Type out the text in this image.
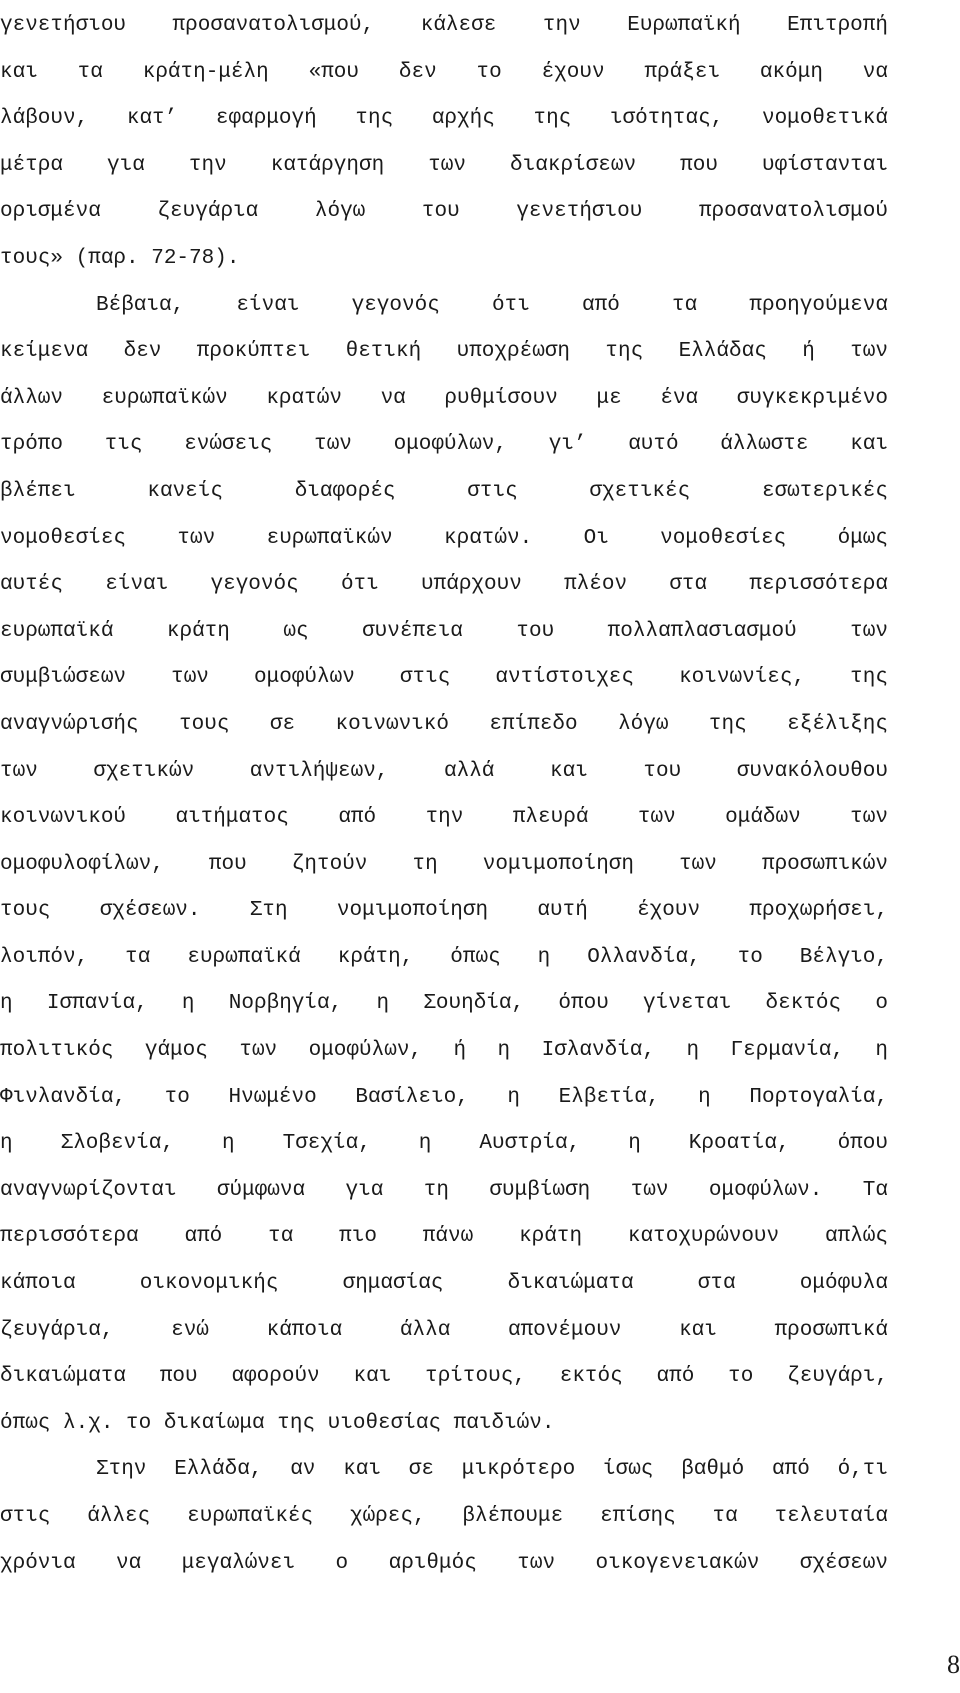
γενετήσιου προσανατολισμού, κάλεσε την Ευρωπαϊκή Επιτροπή
και τα κράτη-μέλη «που δεν το έχουν πράξει ακόμη να
λάβουν, κατ’ εφαρμογή της αρχής της ισότητας, νομοθετικά
μέτρα για την κατάργηση των διακρίσεων που υφίστανται
ορισμένα ζευγάρια λόγω του γενετήσιου προσανατολισμού
τους» (παρ. 72-78).
Βέβαια, είναι γεγονός ότι από τα προηγούμενα
κείμενα δεν προκύπτει θετική υποχρέωση της Ελλάδας ή των
άλλων ευρωπαϊκών κρατών να ρυθμίσουν με ένα συγκεκριμένο
τρόπο τις ενώσεις των ομοφύλων, γι’ αυτό άλλωστε και
βλέπει κανείς διαφορές στις σχετικές εσωτερικές
νομοθεσίες των ευρωπαϊκών κρατών. Οι νομοθεσίες όμως
αυτές είναι γεγονός ότι υπάρχουν πλέον στα περισσότερα
ευρωπαϊκά κράτη ως συνέπεια του πολλαπλασιασμού των
συμβιώσεων των ομοφύλων στις αντίστοιχες κοινωνίες, της
αναγνώρισής τους σε κοινωνικό επίπεδο λόγω της εξέλιξης
των σχετικών αντιλήψεων, αλλά και του συνακόλουθου
κοινωνικού αιτήματος από την πλευρά των ομάδων των
ομοφυλοφίλων, που ζητούν τη νομιμοποίηση των προσωπικών
τους σχέσεων. Στη νομιμοποίηση αυτή έχουν προχωρήσει,
λοιπόν, τα ευρωπαϊκά κράτη, όπως η Ολλανδία, το Βέλγιο,
η Ισπανία, η Νορβηγία, η Σουηδία, όπου γίνεται δεκτός ο
πολιτικός γάμος των ομοφύλων, ή η Ισλανδία, η Γερμανία, η
Φινλανδία, το Ηνωμένο Βασίλειο, η Ελβετία, η Πορτογαλία,
η Σλοβενία, η Τσεχία, η Αυστρία, η Κροατία, όπου
αναγνωρίζονται σύμφωνα για τη συμβίωση των ομοφύλων. Τα
περισσότερα από τα πιο πάνω κράτη κατοχυρώνουν απλώς
κάποια οικονομικής σημασίας δικαιώματα στα ομόφυλα
ζευγάρια, ενώ κάποια άλλα απονέμουν και προσωπικά
δικαιώματα που αφορούν και τρίτους, εκτός από το ζευγάρι,
όπως λ.χ. το δικαίωμα της υιοθεσίας παιδιών.
Στην Ελλάδα, αν και σε μικρότερο ίσως βαθμό από ό,τι
στις άλλες ευρωπαϊκές χώρες, βλέπουμε επίσης τα τελευταία
χρόνια να μεγαλώνει ο αριθμός των οικογενειακών σχέσεων
8
